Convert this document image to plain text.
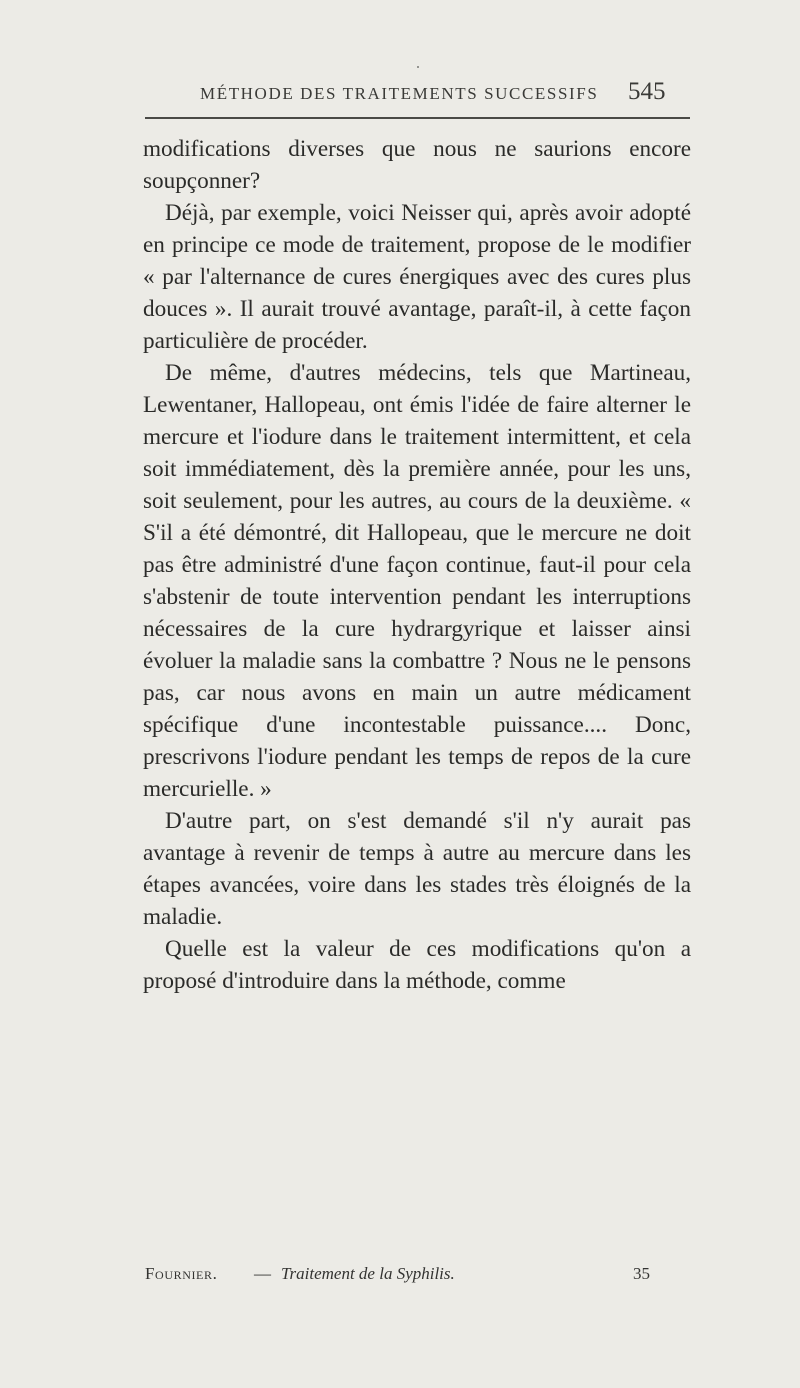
MÉTHODE DES TRAITEMENTS SUCCESSIFS	545

modifications diverses que nous ne saurions encore soupçonner?

Déjà, par exemple, voici Neisser qui, après avoir adopté en principe ce mode de traitement, propose de le modifier « par l'alternance de cures énergiques avec des cures plus douces ». Il aurait trouvé avantage, paraît-il, à cette façon particulière de procéder.

De même, d'autres médecins, tels que Martineau, Lewentaner, Hallopeau, ont émis l'idée de faire alterner le mercure et l'iodure dans le traitement intermittent, et cela soit immédiatement, dès la première année, pour les uns, soit seulement, pour les autres, au cours de la deuxième. « S'il a été démontré, dit Hallopeau, que le mercure ne doit pas être administré d'une façon continue, faut-il pour cela s'abstenir de toute intervention pendant les interruptions nécessaires de la cure hydrargyrique et laisser ainsi évoluer la maladie sans la combattre ? Nous ne le pensons pas, car nous avons en main un autre médicament spécifique d'une incontestable puissance.... Donc, prescrivons l'iodure pendant les temps de repos de la cure mercurielle. »

D'autre part, on s'est demandé s'il n'y aurait pas avantage à revenir de temps à autre au mercure dans les étapes avancées, voire dans les stades très éloignés de la maladie.

Quelle est la valeur de ces modifications qu'on a proposé d'introduire dans la méthode, comme

Fournier. — Traitement de la Syphilis.	35
